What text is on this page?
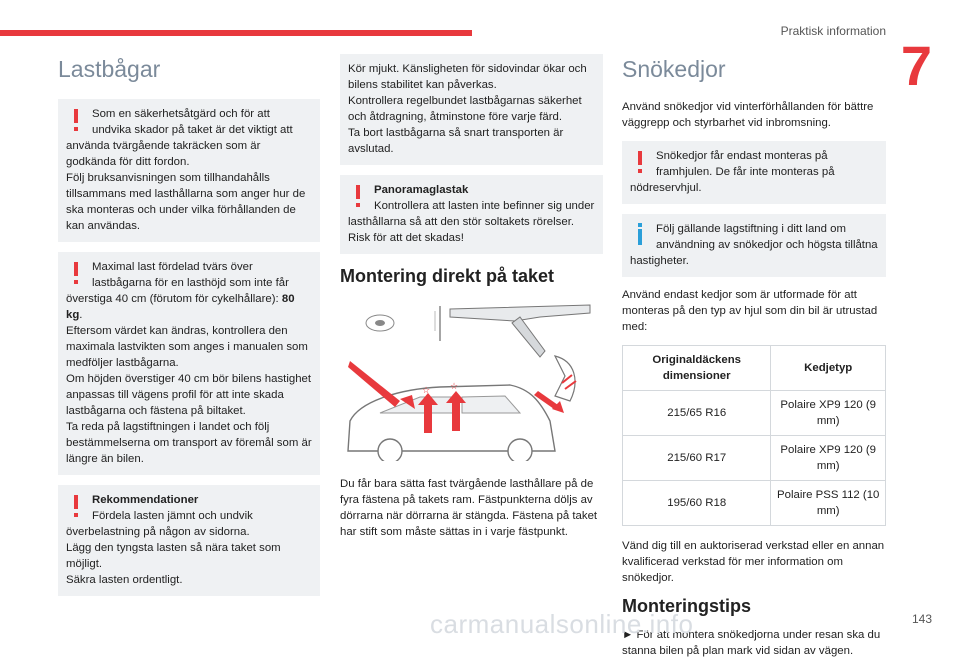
Praktisk information
7
Lastbågar

Som en säkerhetsåtgärd och för att undvika skador på taket är det viktigt att använda tvärgående takräcken som är godkända för ditt fordon.
Följ bruksanvisningen som tillhandahålls tillsammans med lasthållarna som anger hur de ska monteras och under vilka förhållanden de kan användas.

Maximal last fördelad tvärs över lastbågarna för en lasthöjd som inte får överstiga 40 cm (förutom för cykelhållare): 80 kg.
Eftersom värdet kan ändras, kontrollera den maximala lastvikten som anges i manualen som medföljer lastbågarna.
Om höjden överstiger 40 cm bör bilens hastighet anpassas till vägens profil för att inte skada lastbågarna och fästena på biltaket.
Ta reda på lagstiftningen i landet och följ bestämmelserna om transport av föremål som är längre än bilen.

Rekommendationer

Fördela lasten jämnt och undvik överbelastning på någon av sidorna.
Lägg den tyngsta lasten så nära taket som möjligt.
Säkra lasten ordentligt.

Kör mjukt. Känsligheten för sidovindar ökar och bilens stabilitet kan påverkas.
Kontrollera regelbundet lastbågarnas säkerhet och åtdragning, åtminstone före varje färd.
Ta bort lastbågarna så snart transporten är avslutad.

Panoramaglastak

Kontrollera att lasten inte befinner sig under lasthållarna så att den stör soltakets rörelser. Risk för att det skadas!

Montering direkt på taket
☆ ☆

Du får bara sätta fast tvärgående lasthållare på de fyra fästena på takets ram. Fästpunkterna döljs av dörrarna när dörrarna är stängda. Fästena på taket har stift som måste sättas in i varje fästpunkt.

Snökedjor

Använd snökedjor vid vinterförhållanden för bättre väggrepp och styrbarhet vid inbromsning.

Snökedjor får endast monteras på framhjulen. De får inte monteras på nödreservhjul.

Följ gällande lagstiftning i ditt land om användning av snökedjor och högsta tillåtna hastigheter.

Använd endast kedjor som är utformade för att monteras på den typ av hjul som din bil är utrustad med:

Originaldäckens dimensioner	Kedjetyp
215/65 R16	Polaire XP9 120 (9 mm)
215/60 R17	Polaire XP9 120 (9 mm)
195/60 R18	Polaire PSS 112 (10 mm)

Vänd dig till en auktoriserad verkstad eller en annan kvalificerad verkstad för mer information om snökedjor.

Monteringstips

► För att montera snökedjorna under resan ska du stanna bilen på plan mark vid sidan av vägen.

143
carmanualsonline.info
